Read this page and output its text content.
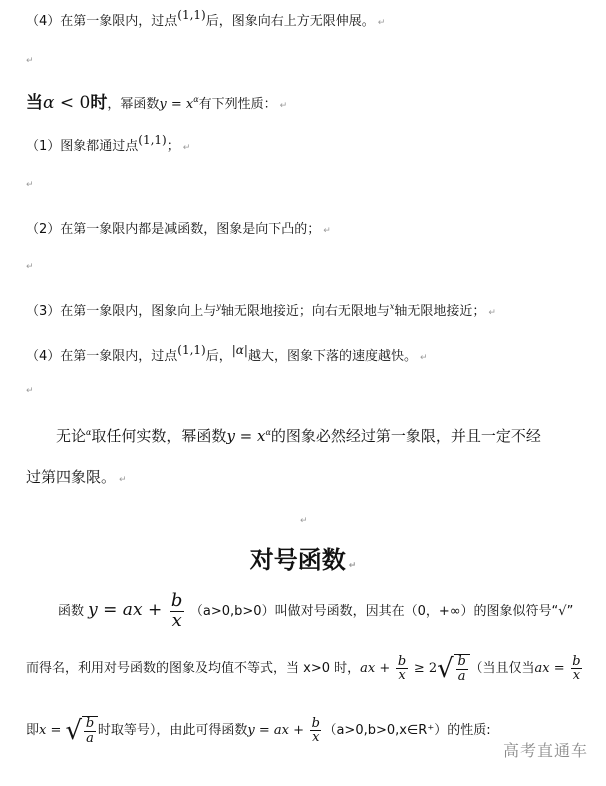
（4）在第一象限内，过点$^{(1,1)}$后，图象向右上方无限伸展。 ↵
↵
当α < 0时，幂函数$y = x^\alpha$有下列性质： ↵
（1）图象都通过点$^{(1,1)}$； ↵
↵
（2）在第一象限内都是减函数，图象是向下凸的； ↵
↵
（3）在第一象限内，图象向上与$^y$轴无限地接近；向右无限地与$^x$轴无限地接近； ↵
（4）在第一象限内，过点$^{(1,1)}$后，$^{|\alpha|}$越大，图象下落的速度越快。 ↵
↵
无论$^\alpha$取任何实数，幂函数$y = x^\alpha$的图象必然经过第一象限，并且一定不经
过第四象限。 ↵
↵
对号函数 ↵
函数 y = ax + $\frac{b}{x} (a>0,b>0)$叫做对号函数，因其在（0，+∞）的图象似符号“√”
而得名，利用对号函数的图象及均值不等式，当 x>0 时，ax + $\frac{b}{x} \ge 2$ √ $\frac{b}{a}$ （当且仅当ax = $\frac{b}{x}$
即x = √ $\frac{b}{a}$ 时取等号），由此可得函数y = ax + $\frac{b}{x}$ （a>0,b>0,x∈R⁺）的性质:
高考直通车
